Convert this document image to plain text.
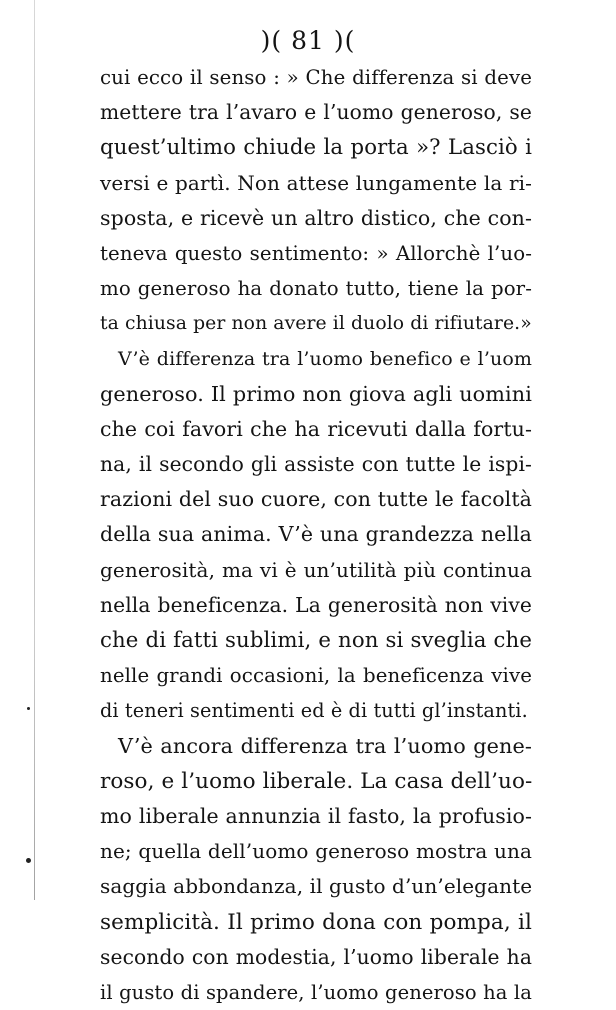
)( 81 )(
cui ecco il senso : » Che differenza si deve
mettere tra l’avaro e l’uomo generoso, se
quest’ultimo chiude la porta »? Lasciò i
versi e partì. Non attese lungamente la ri-
sposta, e ricevè un altro distico, che con-
teneva questo sentimento: » Allorchè l’uo-
mo generoso ha donato tutto, tiene la por-
ta chiusa per non avere il duolo di rifiutare.»
V’è differenza tra l’uomo benefico e l’uom
generoso. Il primo non giova agli uomini
che coi favori che ha ricevuti dalla fortu-
na, il secondo gli assiste con tutte le ispi-
razioni del suo cuore, con tutte le facoltà
della sua anima. V’è una grandezza nella
generosità, ma vi è un’utilità più continua
nella beneficenza. La generosità non vive
che di fatti sublimi, e non si sveglia che
nelle grandi occasioni, la beneficenza vive
di teneri sentimenti ed è di tutti gl’instanti.
V’è ancora differenza tra l’uomo gene-
roso, e l’uomo liberale. La casa dell’uo-
mo liberale annunzia il fasto, la profusio-
ne; quella dell’uomo generoso mostra una
saggia abbondanza, il gusto d’un’elegante
semplicità. Il primo dona con pompa, il
secondo con modestia, l’uomo liberale ha
il gusto di spandere, l’uomo generoso ha la
